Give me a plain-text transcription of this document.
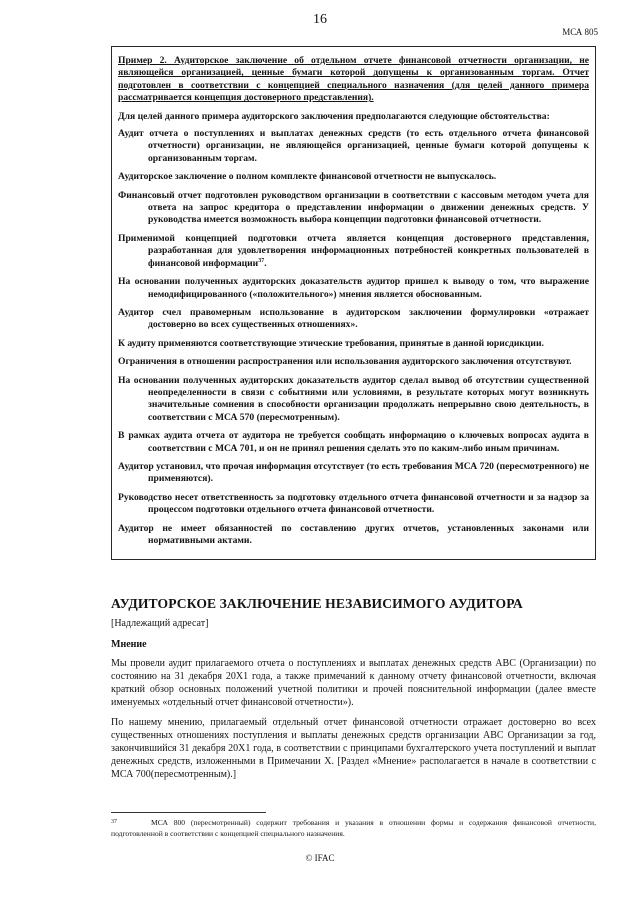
16
МСА 805

Пример 2. Аудиторское заключение об отдельном отчете финансовой отчетности организации, не являющейся организацией, ценные бумаги которой допущены к организованным торгам. Отчет подготовлен в соответствии с концепцией специального назначения (для целей данного примера рассматривается концепция достоверного представления).

Для целей данного примера аудиторского заключения предполагаются следующие обстоятельства:

Аудит отчета о поступлениях и выплатах денежных средств (то есть отдельного отчета финансовой отчетности) организации, не являющейся организацией, ценные бумаги которой допущены к организованным торгам.

Аудиторское заключение о полном комплекте финансовой отчетности не выпускалось.

Финансовый отчет подготовлен руководством организации в соответствии с кассовым методом учета для ответа на запрос кредитора о представлении информации о движении денежных средств. У руководства имеется возможность выбора концепции подготовки финансовой отчетности.

Применимой концепцией подготовки отчета является концепция достоверного представления, разработанная для удовлетворения информационных потребностей конкретных пользователей в финансовой информации$^{37}$.

На основании полученных аудиторских доказательств аудитор пришел к выводу о том, что выражение немодифицированного («положительного») мнения является обоснованным.

Аудитор счел правомерным использование в аудиторском заключении формулировки «отражает достоверно во всех существенных отношениях».

К аудиту применяются соответствующие этические требования, принятые в данной юрисдикции.

Ограничения в отношении распространения или использования аудиторского заключения отсутствуют.

На основании полученных аудиторских доказательств аудитор сделал вывод об отсутствии существенной неопределенности в связи с событиями или условиями, в результате которых могут возникнуть значительные сомнения в способности организации продолжать непрерывно свою деятельность, в соответствии с МСА 570 (пересмотренным).

В рамках аудита отчета от аудитора не требуется сообщать информацию о ключевых вопросах аудита в соответствии с МСА 701, и он не принял решения сделать это по каким-либо иным причинам.

Аудитор установил, что прочая информация отсутствует (то есть требования МСА 720 (пересмотренного) не применяются).

Руководство несет ответственность за подготовку отдельного отчета финансовой отчетности и за надзор за процессом подготовки отдельного отчета финансовой отчетности.

Аудитор не имеет обязанностей по составлению других отчетов, установленных законами или нормативными актами.

АУДИТОРСКОЕ ЗАКЛЮЧЕНИЕ НЕЗАВИСИМОГО АУДИТОРА
[Надлежащий адресат]
Мнение

Мы провели аудит прилагаемого отчета о поступлениях и выплатах денежных средств ABC (Организации) по состоянию на 31 декабря 20X1 года, а также примечаний к данному отчету финансовой отчетности, включая краткий обзор основных положений учетной политики и прочей пояснительной информации (далее вместе именуемых «отдельный отчет финансовой отчетности»).

По нашему мнению, прилагаемый отдельный отчет финансовой отчетности отражает достоверно во всех существенных отношениях поступления и выплаты денежных средств организации ABC Организации за год, закончившийся 31 декабря 20X1 года, в соответствии с принципами бухгалтерского учета поступлений и выплат денежных средств, изложенными в Примечании X. [Раздел «Мнение» располагается в начале в соответствии с МСА 700(пересмотренным).]

37	МСА 800 (пересмотренный) содержит требования и указания в отношении формы и содержания финансовой отчетности, подготовленной в соответствии с концепцией специального назначения.
© IFAC
